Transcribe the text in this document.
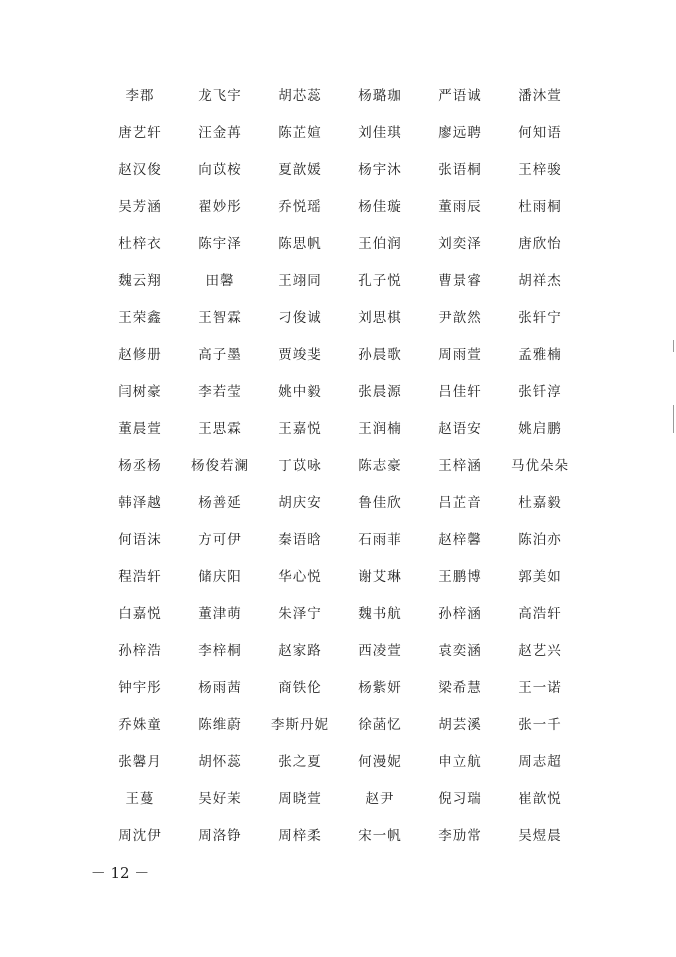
李郡	龙飞宇	胡芯蕊	杨璐珈	严语诚	潘沐萱
唐艺轩	汪金苒	陈芷媗	刘佳琪	廖远聘	何知语
赵汉俊	向苡桉	夏歆媛	杨宇沐	张语桐	王梓骏
吴芳涵	翟妙彤	乔悦瑶	杨佳璇	董雨辰	杜雨桐
杜梓衣	陈宇泽	陈思帆	王伯润	刘奕泽	唐欣怡
魏云翔	田馨	王翊同	孔子悦	曹景睿	胡祥杰
王荣鑫	王智霖	刁俊诚	刘思棋	尹歆然	张轩宁
赵修册	高子墨	贾竣斐	孙晨歌	周雨萱	孟雅楠
闫树豪	李若莹	姚中毅	张晨源	吕佳轩	张钎淳
董晨萱	王思霖	王嘉悦	王润楠	赵语安	姚启鹏
杨丞杨	杨俊若澜	丁苡咏	陈志豪	王梓涵	马优朵朵
韩泽越	杨善延	胡庆安	鲁佳欣	吕芷音	杜嘉毅
何语沫	方可伊	秦语晗	石雨菲	赵梓馨	陈泊亦
程浩轩	储庆阳	华心悦	谢艾琳	王鹏博	郭美如
白嘉悦	董津萌	朱泽宁	魏书航	孙梓涵	高浩轩
孙梓浩	李梓桐	赵家路	西凌萱	袁奕涵	赵艺兴
钟宇彤	杨雨茜	商铁伦	杨紫妍	梁希慧	王一诺
乔姝童	陈维蔚	李斯丹妮	徐菡忆	胡芸溪	张一千
张馨月	胡怀蕊	张之夏	何漫妮	申立航	周志超
王蔓	吴好茉	周晓萱	赵尹	倪习瑞	崔歆悦
周沈伊	周洛铮	周梓柔	宋一帆	李劢常	吴煜晨
－ 12 －
